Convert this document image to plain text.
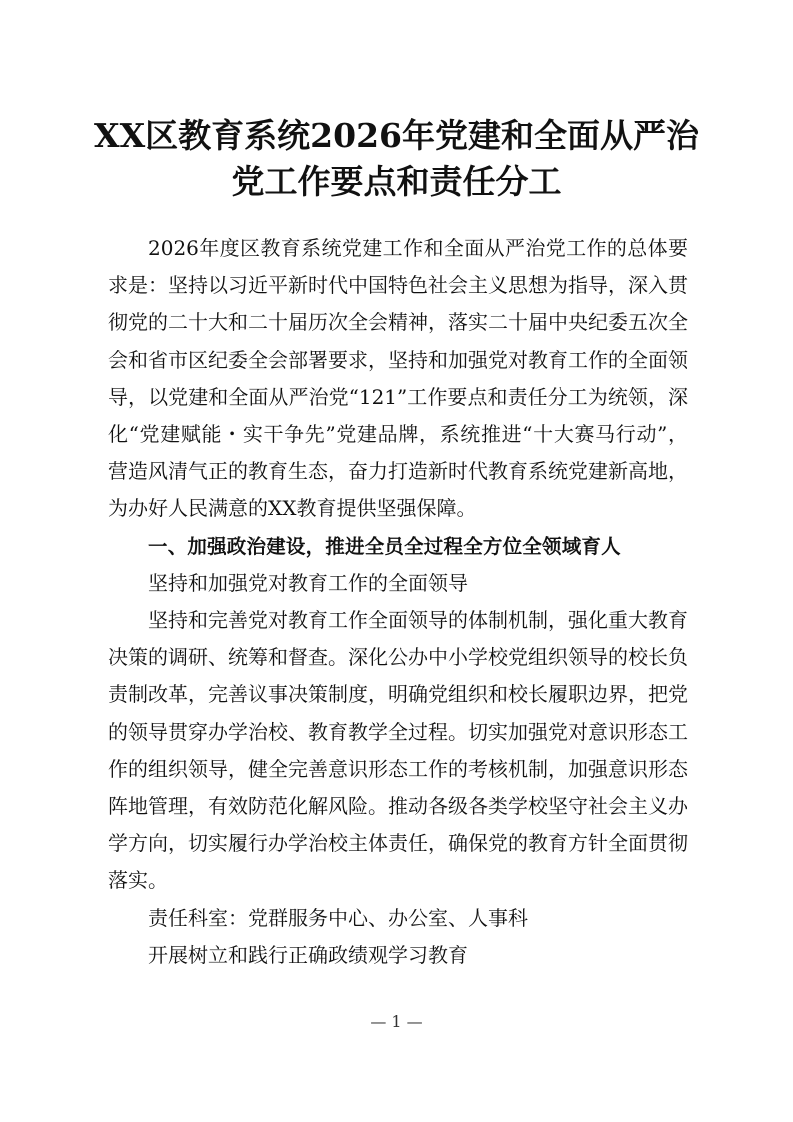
XX区教育系统2026年党建和全面从严治
党工作要点和责任分工

2026年度区教育系统党建工作和全面从严治党工作的总体要求是：坚持以习近平新时代中国特色社会主义思想为指导，深入贯彻党的二十大和二十届历次全会精神，落实二十届中央纪委五次全会和省市区纪委全会部署要求，坚持和加强党对教育工作的全面领导，以党建和全面从严治党“121”工作要点和责任分工为统领，深化“党建赋能・实干争先”党建品牌，系统推进“十大赛马行动”，营造风清气正的教育生态，奋力打造新时代教育系统党建新高地，为办好人民满意的XX教育提供坚强保障。

一、加强政治建设，推进全员全过程全方位全领域育人

坚持和加强党对教育工作的全面领导

坚持和完善党对教育工作全面领导的体制机制，强化重大教育决策的调研、统筹和督查。深化公办中小学校党组织领导的校长负责制改革，完善议事决策制度，明确党组织和校长履职边界，把党的领导贯穿办学治校、教育教学全过程。切实加强党对意识形态工作的组织领导，健全完善意识形态工作的考核机制，加强意识形态阵地管理，有效防范化解风险。推动各级各类学校坚守社会主义办学方向，切实履行办学治校主体责任，确保党的教育方针全面贯彻落实。

责任科室：党群服务中心、办公室、人事科

开展树立和践行正确政绩观学习教育

— 1 —
